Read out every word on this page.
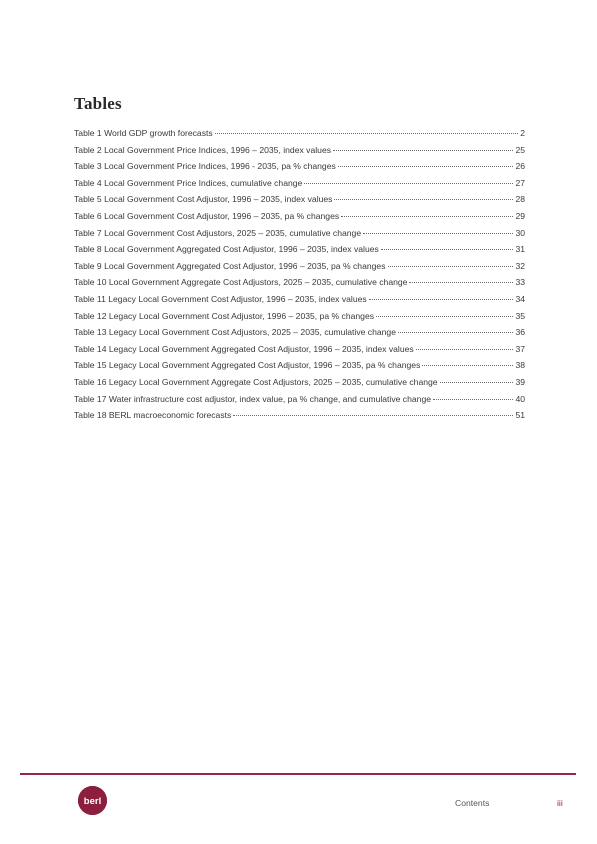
Tables
Table 1 World GDP growth forecasts	2
Table 2 Local Government Price Indices, 1996 – 2035, index values	25
Table 3 Local Government Price Indices, 1996 - 2035, pa % changes	26
Table 4 Local Government Price Indices, cumulative change	27
Table 5 Local Government Cost Adjustor, 1996 – 2035, index values	28
Table 6 Local Government Cost Adjustor, 1996 – 2035, pa % changes	29
Table 7 Local Government Cost Adjustors, 2025 – 2035, cumulative change	30
Table 8 Local Government Aggregated Cost Adjustor, 1996 – 2035, index values	31
Table 9 Local Government Aggregated Cost Adjustor, 1996 – 2035, pa % changes	32
Table 10 Local Government Aggregate Cost Adjustors, 2025 – 2035, cumulative change	33
Table 11 Legacy Local Government Cost Adjustor, 1996 – 2035, index values	34
Table 12 Legacy Local Government Cost Adjustor, 1996 – 2035, pa % changes	35
Table 13 Legacy Local Government Cost Adjustors, 2025 – 2035, cumulative change	36
Table 14 Legacy Local Government Aggregated Cost Adjustor, 1996 – 2035, index values	37
Table 15 Legacy Local Government Aggregated Cost Adjustor, 1996 – 2035, pa % changes	38
Table 16 Legacy Local Government Aggregate Cost Adjustors, 2025 – 2035, cumulative change	39
Table 17 Water infrastructure cost adjustor, index value, pa % change, and cumulative change	40
Table 18 BERL macroeconomic forecasts	51
berl	Contents	iii
